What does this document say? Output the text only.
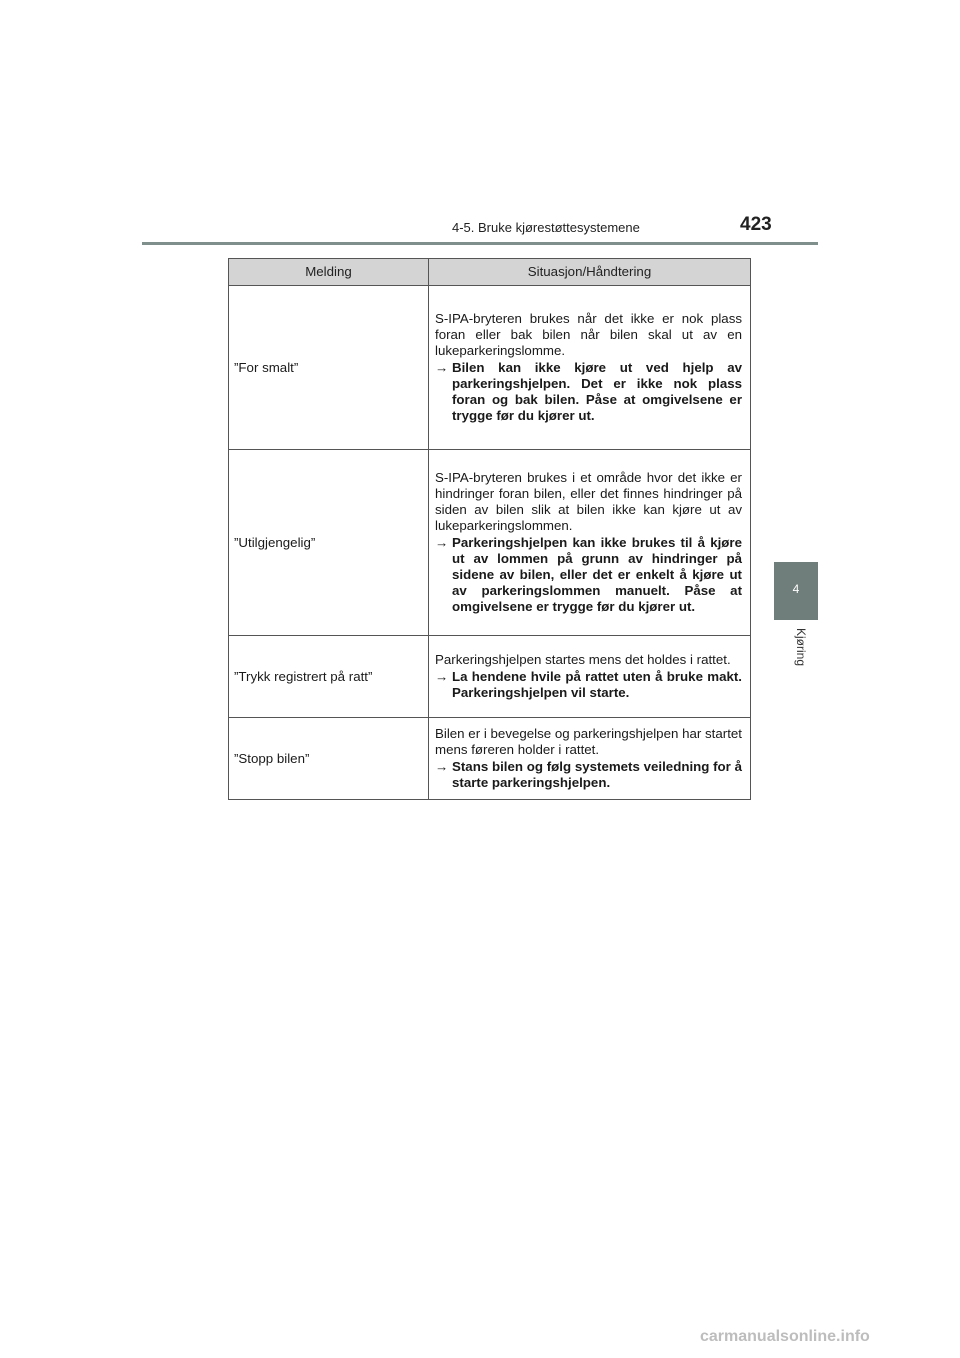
4-5. Bruke kjørestøttesystemene	423
4
Kjøring
Melding	Situasjon/Håndtering
”For smalt”	S-IPA-bryteren brukes når det ikke er nok plass foran eller bak bilen når bilen skal ut av en lukeparkeringslomme.

→ Bilen kan ikke kjøre ut ved hjelp av parkeringshjelpen. Det er ikke nok plass foran og bak bilen. Påse at omgivelsene er trygge før du kjører ut.

”Utilgjengelig”	S-IPA-bryteren brukes i et område hvor det ikke er hindringer foran bilen, eller det finnes hindringer på siden av bilen slik at bilen ikke kan kjøre ut av lukeparkeringslommen.

→ Parkeringshjelpen kan ikke brukes til å kjøre ut av lommen på grunn av hindringer på sidene av bilen, eller det er enkelt å kjøre ut av parkeringslommen manuelt. Påse at omgivelsene er trygge før du kjører ut.

”Trykk registrert på ratt”	Parkeringshjelpen startes mens det holdes i rattet.

→ La hendene hvile på rattet uten å bruke makt. Parkeringshjelpen vil starte.

”Stopp bilen”	Bilen er i bevegelse og parkeringshjelpen har startet mens føreren holder i rattet.

→ Stans bilen og følg systemets veiledning for å starte parkeringshjelpen.

carmanualsonline.info
